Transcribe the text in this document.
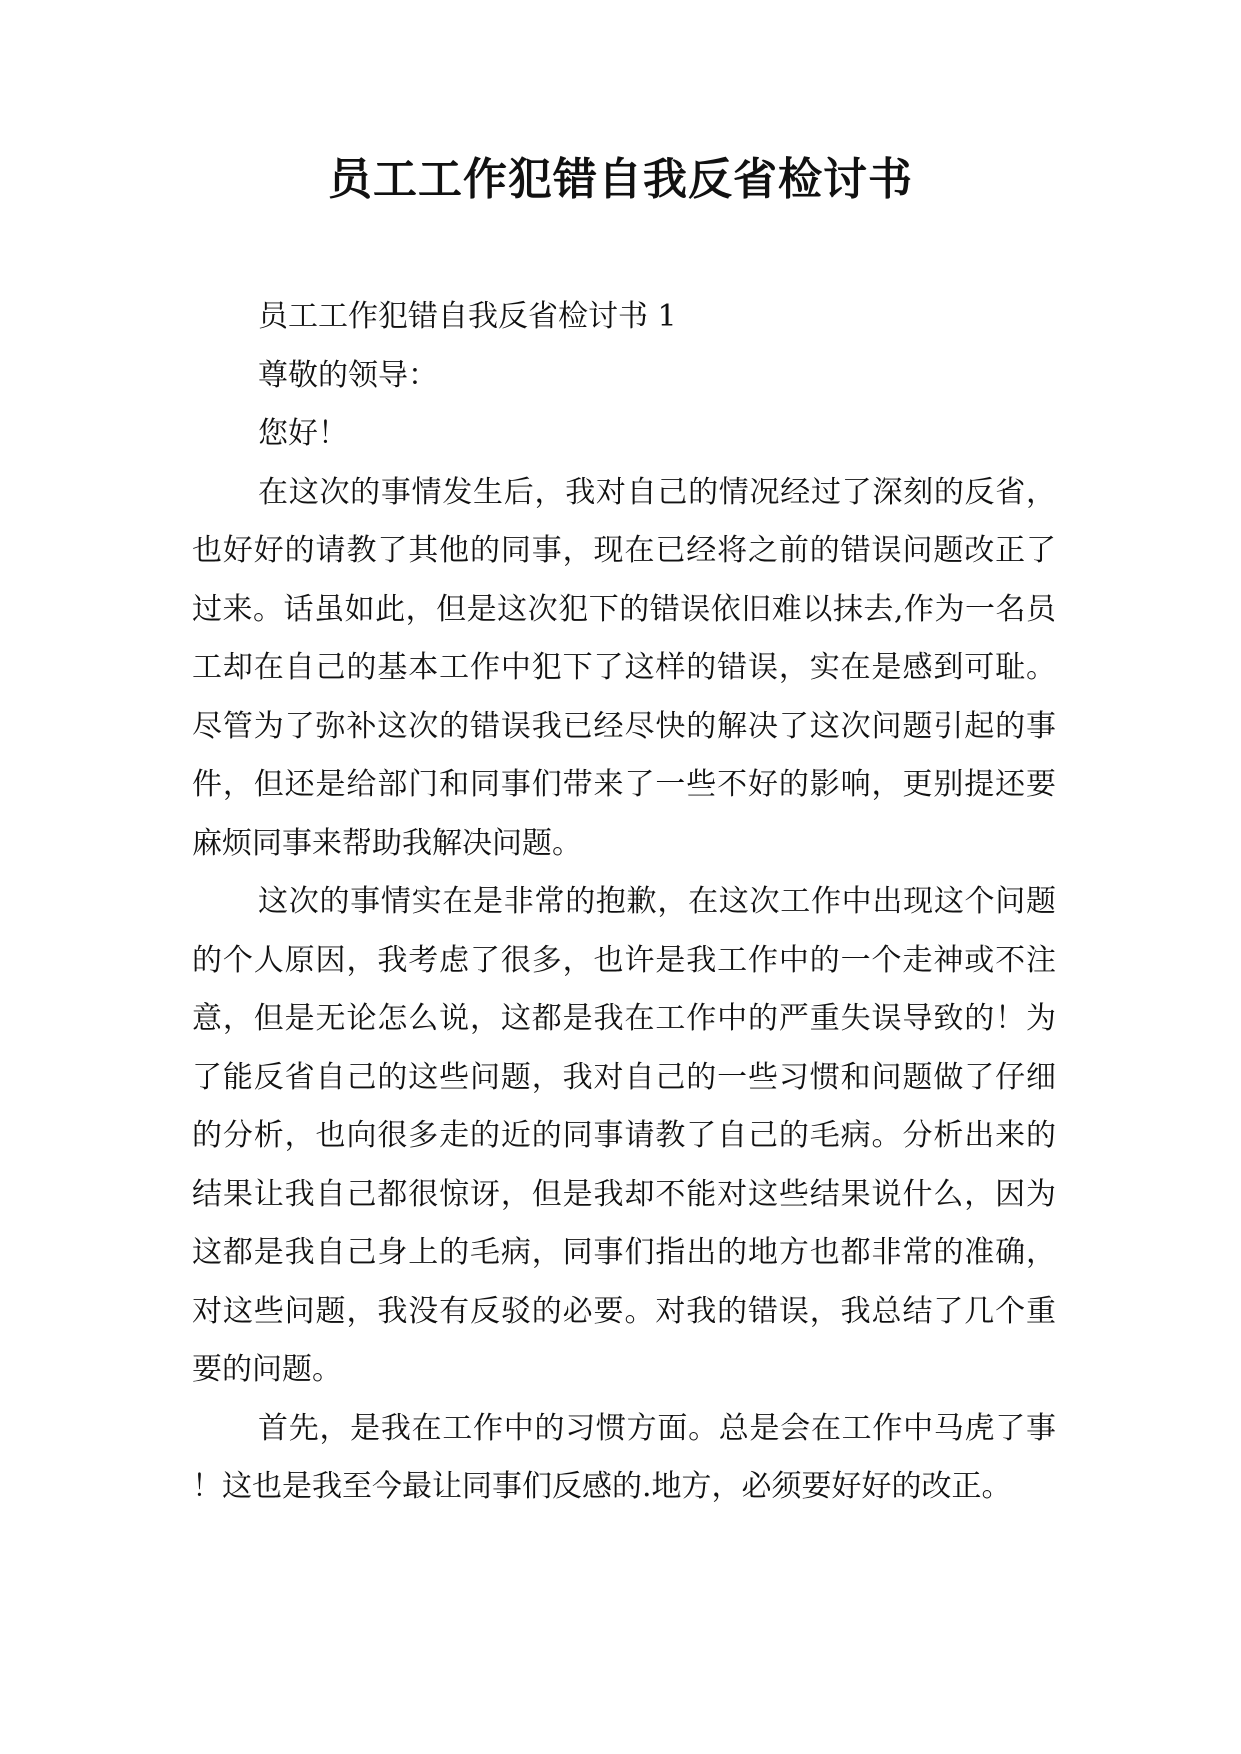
员工工作犯错自我反省检讨书

员工工作犯错自我反省检讨书 1

尊敬的领导：

您好！

在这次的事情发生后，我对自己的情况经过了深刻的反省，也好好的请教了其他的同事，现在已经将之前的错误问题改正了过来。话虽如此，但是这次犯下的错误依旧难以抹去,作为一名员工却在自己的基本工作中犯下了这样的错误，实在是感到可耻。尽管为了弥补这次的错误我已经尽快的解决了这次问题引起的事件，但还是给部门和同事们带来了一些不好的影响，更别提还要麻烦同事来帮助我解决问题。

这次的事情实在是非常的抱歉，在这次工作中出现这个问题的个人原因，我考虑了很多，也许是我工作中的一个走神或不注意，但是无论怎么说，这都是我在工作中的严重失误导致的！为了能反省自己的这些问题，我对自己的一些习惯和问题做了仔细的分析，也向很多走的近的同事请教了自己的毛病。分析出来的结果让我自己都很惊讶，但是我却不能对这些结果说什么，因为这都是我自己身上的毛病，同事们指出的地方也都非常的准确，对这些问题，我没有反驳的必要。对我的错误，我总结了几个重要的问题。

首先，是我在工作中的习惯方面。总是会在工作中马虎了事！这也是我至今最让同事们反感的.地方，必须要好好的改正。
